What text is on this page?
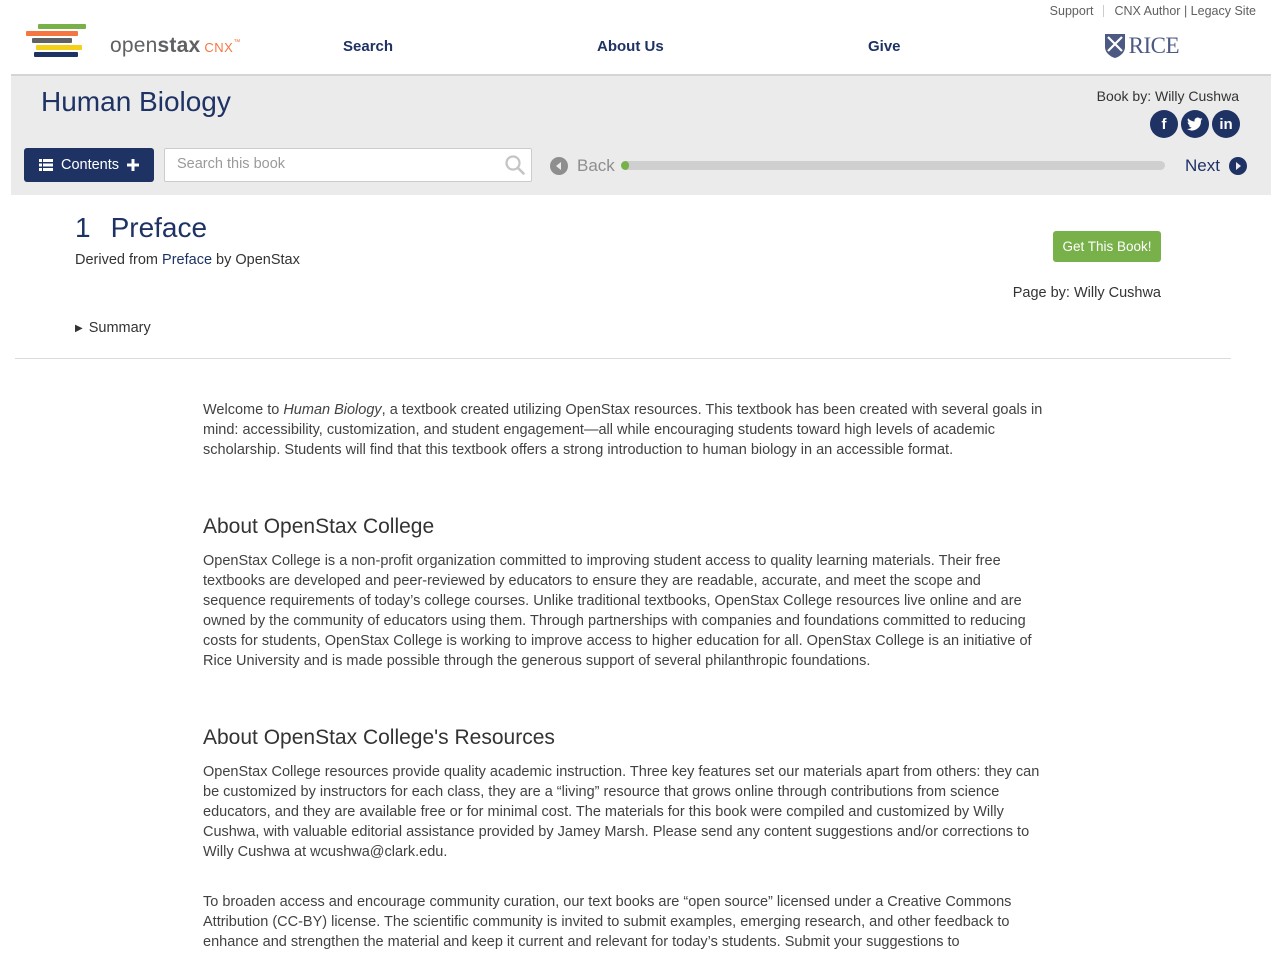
Support CNX Author | Legacy Site
openstax CNX™	Search	About Us	Give	RICE
Human Biology	Book by: Willy Cushwa
f	in
Contents
Search this book	Back	Next
1 Preface
Derived from Preface by OpenStax
Get This Book!
Page by: Willy Cushwa
▶ Summary

Welcome to Human Biology, a textbook created utilizing OpenStax resources. This textbook has been created with several goals in mind: accessibility, customization, and student engagement—all while encouraging students toward high levels of academic scholarship. Students will find that this textbook offers a strong introduction to human biology in an accessible format.

About OpenStax College

OpenStax College is a non-profit organization committed to improving student access to quality learning materials. Their free textbooks are developed and peer-reviewed by educators to ensure they are readable, accurate, and meet the scope and sequence requirements of today’s college courses. Unlike traditional textbooks, OpenStax College resources live online and are owned by the community of educators using them. Through partnerships with companies and foundations committed to reducing costs for students, OpenStax College is working to improve access to higher education for all. OpenStax College is an initiative of Rice University and is made possible through the generous support of several philanthropic foundations.

About OpenStax College's Resources

OpenStax College resources provide quality academic instruction. Three key features set our materials apart from others: they can be customized by instructors for each class, they are a “living” resource that grows online through contributions from science educators, and they are available free or for minimal cost. The materials for this book were compiled and customized by Willy Cushwa, with valuable editorial assistance provided by Jamey Marsh. Please send any content suggestions and/or corrections to Willy Cushwa at wcushwa@clark.edu.

To broaden access and encourage community curation, our text books are “open source” licensed under a Creative Commons Attribution (CC-BY) license. The scientific community is invited to submit examples, emerging research, and other feedback to enhance and strengthen the material and keep it current and relevant for today’s students. Submit your suggestions to
